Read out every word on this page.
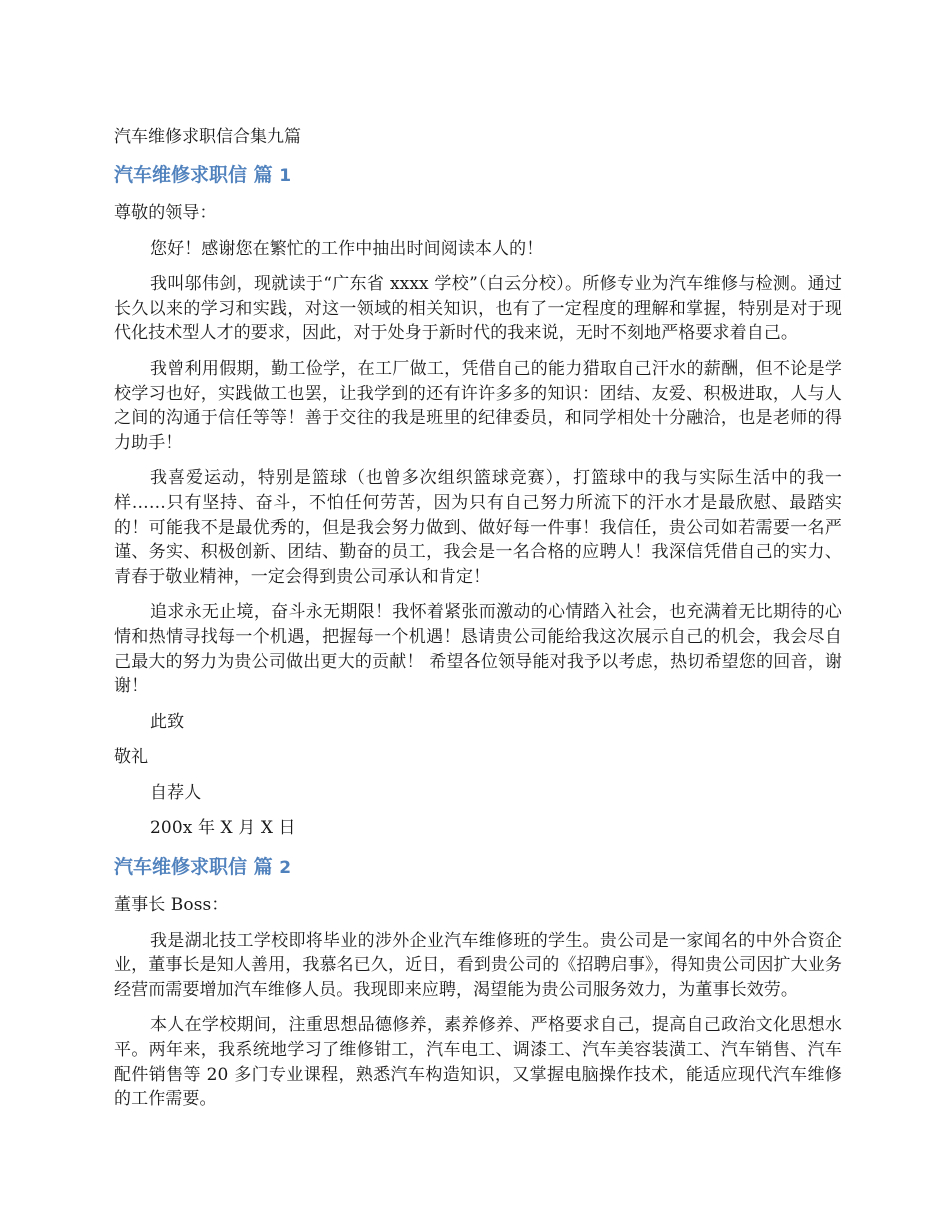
汽车维修求职信合集九篇
汽车维修求职信 篇 1

尊敬的领导：

您好！感谢您在繁忙的工作中抽出时间阅读本人的！

我叫邬伟剑，现就读于“广东省 xxxx 学校”（白云分校）。所修专业为汽车维修与检测。通过长久以来的学习和实践，对这一领域的相关知识，也有了一定程度的理解和掌握，特别是对于现代化技术型人才的要求，因此，对于处身于新时代的我来说，无时不刻地严格要求着自己。

我曾利用假期，勤工俭学，在工厂做工，凭借自己的能力猎取自己汗水的薪酬，但不论是学校学习也好，实践做工也罢，让我学到的还有许许多多的知识：团结、友爱、积极进取，人与人之间的沟通于信任等等！善于交往的我是班里的纪律委员，和同学相处十分融洽，也是老师的得力助手！

我喜爱运动，特别是篮球（也曾多次组织篮球竞赛），打篮球中的我与实际生活中的我一样……只有坚持、奋斗，不怕任何劳苦，因为只有自己努力所流下的汗水才是最欣慰、最踏实的！可能我不是最优秀的，但是我会努力做到、做好每一件事！我信任，贵公司如若需要一名严谨、务实、积极创新、团结、勤奋的员工，我会是一名合格的应聘人！我深信凭借自己的实力、青春于敬业精神，一定会得到贵公司承认和肯定！

追求永无止境，奋斗永无期限！我怀着紧张而激动的心情踏入社会，也充满着无比期待的心情和热情寻找每一个机遇，把握每一个机遇！恳请贵公司能给我这次展示自己的机会，我会尽自己最大的努力为贵公司做出更大的贡献！ 希望各位领导能对我予以考虑，热切希望您的回音，谢谢！

此致

敬礼

自荐人

200x 年 X 月 X 日

汽车维修求职信 篇 2

董事长 Boss：

我是湖北技工学校即将毕业的涉外企业汽车维修班的学生。贵公司是一家闻名的中外合资企业，董事长是知人善用，我慕名已久，近日，看到贵公司的《招聘启事》，得知贵公司因扩大业务经营而需要增加汽车维修人员。我现即来应聘，渴望能为贵公司服务效力，为董事长效劳。

本人在学校期间，注重思想品德修养，素养修养、严格要求自己，提高自己政治文化思想水平。两年来，我系统地学习了维修钳工，汽车电工、调漆工、汽车美容装潢工、汽车销售、汽车配件销售等 20 多门专业课程，熟悉汽车构造知识，又掌握电脑操作技术，能适应现代汽车维修的工作需要。
